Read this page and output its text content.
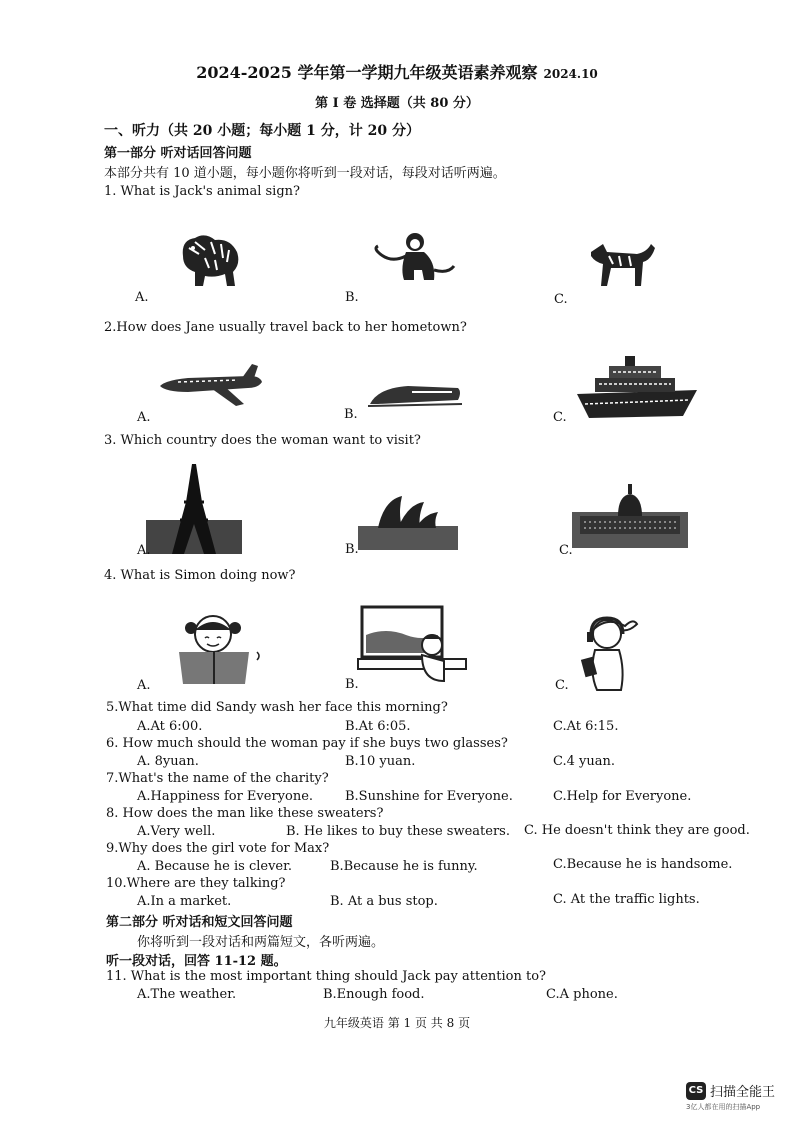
2024-2025 学年第一学期九年级英语素养观察 2024.10
第 I 卷 选择题（共 80 分）
一、听力（共 20 小题；每小题 1 分，计 20 分）
第一部分 听对话回答问题
本部分共有 10 道小题，每小题你将听到一段对话，每段对话听两遍。
1. What is Jack's animal sign?
A.	B.	C.
2.How does Jane usually travel back to her hometown?
A.	B.	C.
3. Which country does the woman want to visit?
A.	B.	C.
4. What is Simon doing now?
A.	B.	C.
5.What time did Sandy wash her face this morning?
A.At 6:00.	B.At 6:05.	C.At 6:15.
6. How much should the woman pay if she buys two glasses?
A. 8yuan.	B.10 yuan.	C.4 yuan.
7.What's the name of the charity?
A.Happiness for Everyone. B.Sunshine for Everyone.	C.Help for Everyone.
8. How does the man like these sweaters?
A.Very well.	B. He likes to buy these sweaters. C. He doesn't think they are good.
9.Why does the girl vote for Max?
A. Because he is clever.	B.Because he is funny.	C.Because he is handsome.
10.Where are they talking?
A.In a market.	B. At a bus stop.	C. At the traffic lights.
第二部分 听对话和短文回答问题
你将听到一段对话和两篇短文，各听两遍。
听一段对话，回答 11-12 题。
11. What is the most important thing should Jack pay attention to?
A.The weather.	B.Enough food.	C.A phone.
九年级英语 第 1 页 共 8 页
CS 扫描全能王
3亿人都在用的扫描App
